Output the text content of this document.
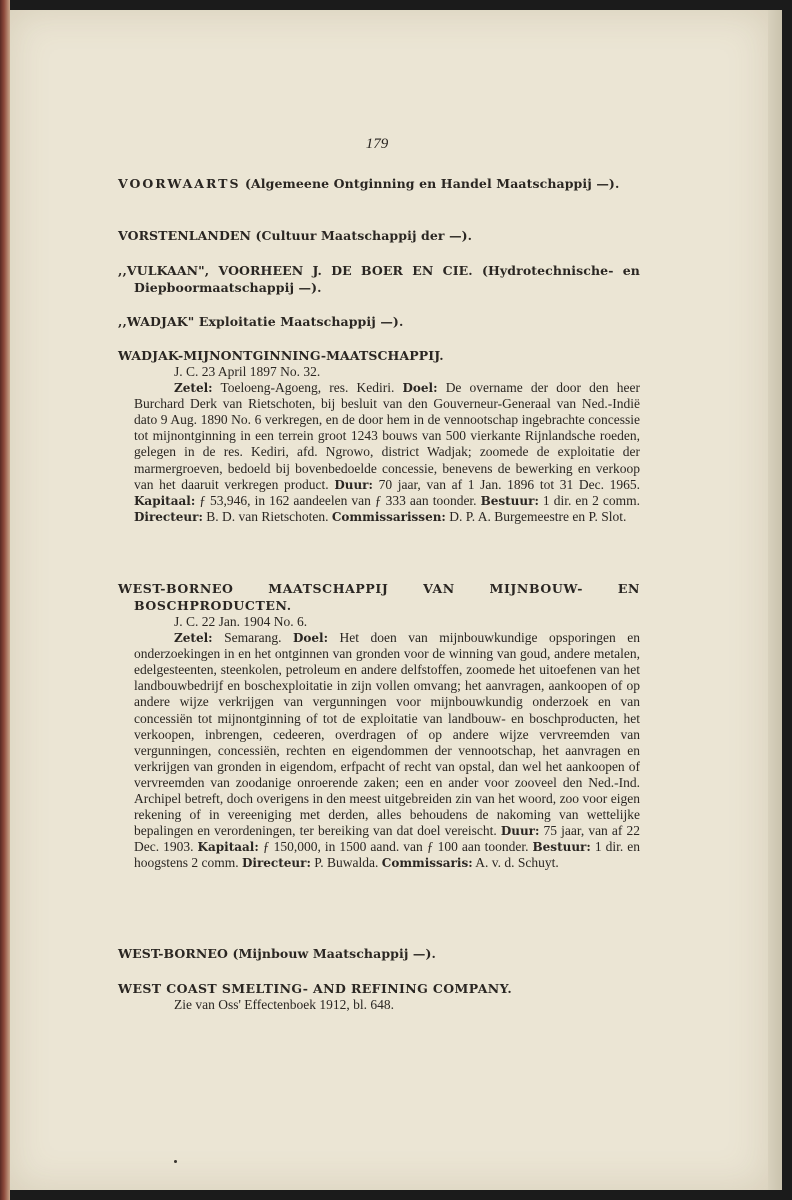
179
VOORWAARTS (Algemeene Ontginning en Handel Maatschappij —).
VORSTENLANDEN (Cultuur Maatschappij der —).
,,VULKAAN", VOORHEEN J. DE BOER EN CIE. (Hydrotechnische- en Diepboormaatschappij —).
,,WADJAK" Exploitatie Maatschappij —).
WADJAK-MIJNONTGINNING-MAATSCHAPPIJ.
J. C. 23 April 1897 No. 32.

Zetel: Toeloeng-Agoeng, res. Kediri. Doel: De overname der door den heer Burchard Derk van Rietschoten, bij besluit van den Gouverneur-Generaal van Ned.-Indië dato 9 Aug. 1890 No. 6 verkregen, en de door hem in de vennootschap ingebrachte concessie tot mijnontginning in een terrein groot 1243 bouws van 500 vierkante Rijnlandsche roeden, gelegen in de res. Kediri, afd. Ngrowo, district Wadjak; zoomede de exploitatie der marmergroeven, bedoeld bij bovenbedoelde concessie, benevens de bewerking en verkoop van het daaruit verkregen product. Duur: 70 jaar, van af 1 Jan. 1896 tot 31 Dec. 1965. Kapitaal: ƒ 53,946, in 162 aandeelen van ƒ 333 aan toonder. Bestuur: 1 dir. en 2 comm. Directeur: B. D. van Rietschoten. Commissarissen: D. P. A. Burgemeestre en P. Slot.

WEST-BORNEO MAATSCHAPPIJ VAN MIJNBOUW- EN BOSCHPRODUCTEN.
J. C. 22 Jan. 1904 No. 6.

Zetel: Semarang. Doel: Het doen van mijnbouwkundige opsporingen en onderzoekingen in en het ontginnen van gronden voor de winning van goud, andere metalen, edelgesteenten, steenkolen, petroleum en andere delfstoffen, zoomede het uitoefenen van het landbouwbedrijf en boschexploitatie in zijn vollen omvang; het aanvragen, aankoopen of op andere wijze verkrijgen van vergunningen voor mijnbouwkundig onderzoek en van concessiën tot mijnontginning of tot de exploitatie van landbouw- en boschproducten, het verkoopen, inbrengen, cedeeren, overdragen of op andere wijze vervreemden van vergunningen, concessiën, rechten en eigendommen der vennootschap, het aanvragen en verkrijgen van gronden in eigendom, erfpacht of recht van opstal, dan wel het aankoopen of vervreemden van zoodanige onroerende zaken; een en ander voor zooveel den Ned.-Ind. Archipel betreft, doch overigens in den meest uitgebreiden zin van het woord, zoo voor eigen rekening of in vereeniging met derden, alles behoudens de nakoming van wettelijke bepalingen en verordeningen, ter bereiking van dat doel vereischt. Duur: 75 jaar, van af 22 Dec. 1903. Kapitaal: ƒ 150,000, in 1500 aand. van ƒ 100 aan toonder. Bestuur: 1 dir. en hoogstens 2 comm. Directeur: P. Buwalda. Commissaris: A. v. d. Schuyt.

WEST-BORNEO (Mijnbouw Maatschappij —).
WEST COAST SMELTING- AND REFINING COMPANY.
Zie van Oss' Effectenboek 1912, bl. 648.
